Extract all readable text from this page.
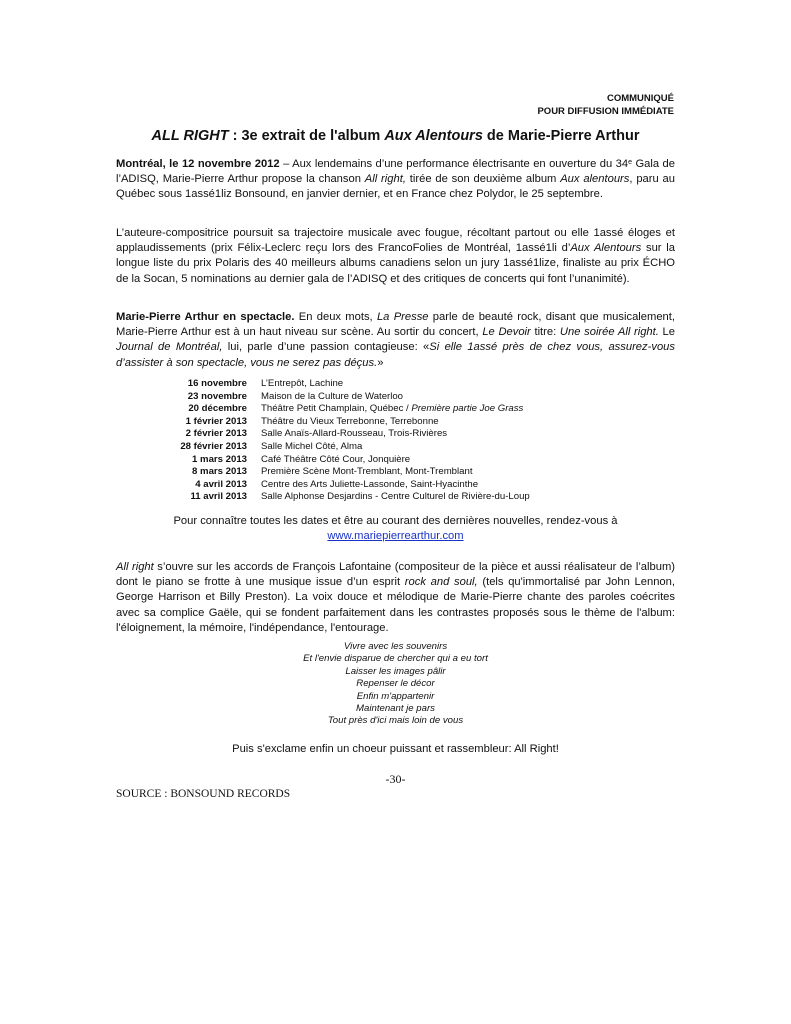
COMMUNIQUÉ
POUR DIFFUSION IMMÉDIATE
ALL RIGHT : 3e extrait de l'album Aux Alentours de Marie-Pierre Arthur

Montréal, le 12 novembre 2012 – Aux lendemains d’une performance électrisante en ouverture du 34e Gala de l’ADISQ, Marie-Pierre Arthur propose la chanson All right, tirée de son deuxième album Aux alentours, paru au Québec sous 1assé1liz Bonsound, en janvier dernier, et en France chez Polydor, le 25 septembre.

L’auteure-compositrice poursuit sa trajectoire musicale avec fougue, récoltant partout ou elle 1assé éloges et applaudissements (prix Félix-Leclerc reçu lors des FrancoFolies de Montréal, 1assé1li d’Aux Alentours sur la longue liste du prix Polaris des 40 meilleurs albums canadiens selon un jury 1assé1lize, finaliste au prix ÉCHO de la Socan, 5 nominations au dernier gala de l’ADISQ et des critiques de concerts qui font l’unanimité).

Marie-Pierre Arthur en spectacle. En deux mots, La Presse parle de beauté rock, disant que musicalement, Marie-Pierre Arthur est à un haut niveau sur scène. Au sortir du concert, Le Devoir titre: Une soirée All right. Le Journal de Montréal, lui, parle d’une passion contagieuse: «Si elle 1assé près de chez vous, assurez-vous d’assister à son spectacle, vous ne serez pas déçus.»

16 novembre	L’Entrepôt, Lachine
23 novembre	Maison de la Culture de Waterloo
20 décembre	Théâtre Petit Champlain, Québec / Première partie Joe Grass
1 février 2013	Théâtre du Vieux Terrebonne, Terrebonne
2 février 2013	Salle Anaïs-Allard-Rousseau, Trois-Rivières
28 février 2013	Salle Michel Côté, Alma
1 mars 2013	Café Théâtre Côté Cour, Jonquière
8 mars 2013	Première Scène Mont-Tremblant, Mont-Tremblant
4 avril 2013	Centre des Arts Juliette-Lassonde, Saint-Hyacinthe
11 avril 2013	Salle Alphonse Desjardins - Centre Culturel de Rivière-du-Loup
Pour connaître toutes les dates et être au courant des dernières nouvelles, rendez-vous à
www.mariepierrearthur.com

All right s’ouvre sur les accords de François Lafontaine (compositeur de la pièce et aussi réalisateur de l’album) dont le piano se frotte à une musique issue d’un esprit rock and soul, (tels qu'immortalisé par John Lennon, George Harrison et Billy Preston). La voix douce et mélodique de Marie-Pierre chante des paroles coécrites avec sa complice Gaële, qui se fondent parfaitement dans les contrastes proposés sous le thème de l'album: l'éloignement, la mémoire, l'indépendance, l'entourage.

Vivre avec les souvenirs
Et l'envie disparue de chercher qui a eu tort
Laisser les images pâlir
Repenser le décor
Enfin m'appartenir
Maintenant je pars
Tout près d'ici mais loin de vous
Puis s'exclame enfin un choeur puissant et rassembleur: All Right!
-30-
SOURCE : BONSOUND RECORDS
